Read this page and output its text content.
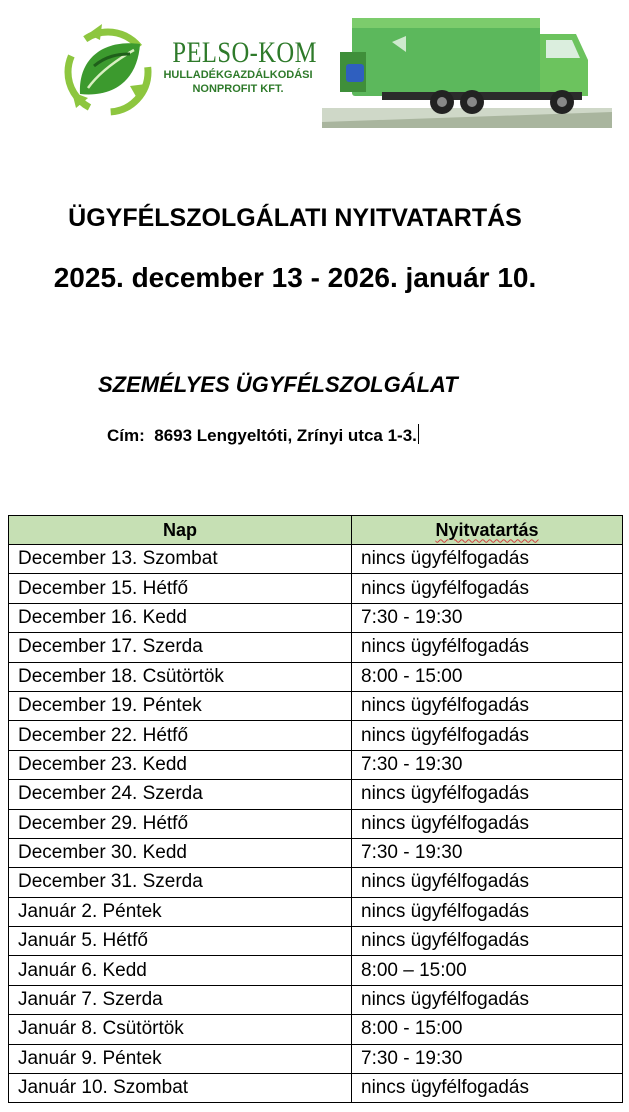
PELSO-KOM
HULLADÉKGAZDÁLKODÁSI
NONPROFIT KFT.
ÜGYFÉLSZOLGÁLATI NYITVATARTÁS
2025. december 13 - 2026. január 10.
SZEMÉLYES ÜGYFÉLSZOLGÁLAT
Cím: 8693 Lengyeltóti, Zrínyi utca 1-3.
Nap	Nyitvatartás
December 13. Szombat	nincs ügyfélfogadás
December 15. Hétfő	nincs ügyfélfogadás
December 16. Kedd	7:30 - 19:30
December 17. Szerda	nincs ügyfélfogadás
December 18. Csütörtök	8:00 - 15:00
December 19. Péntek	nincs ügyfélfogadás
December 22. Hétfő	nincs ügyfélfogadás
December 23. Kedd	7:30 - 19:30
December 24. Szerda	nincs ügyfélfogadás
December 29. Hétfő	nincs ügyfélfogadás
December 30. Kedd	7:30 - 19:30
December 31. Szerda	nincs ügyfélfogadás
Január 2. Péntek	nincs ügyfélfogadás
Január 5. Hétfő	nincs ügyfélfogadás
Január 6. Kedd	8:00 – 15:00
Január 7. Szerda	nincs ügyfélfogadás
Január 8. Csütörtök	8:00 - 15:00
Január 9. Péntek	7:30 - 19:30
Január 10. Szombat	nincs ügyfélfogadás
